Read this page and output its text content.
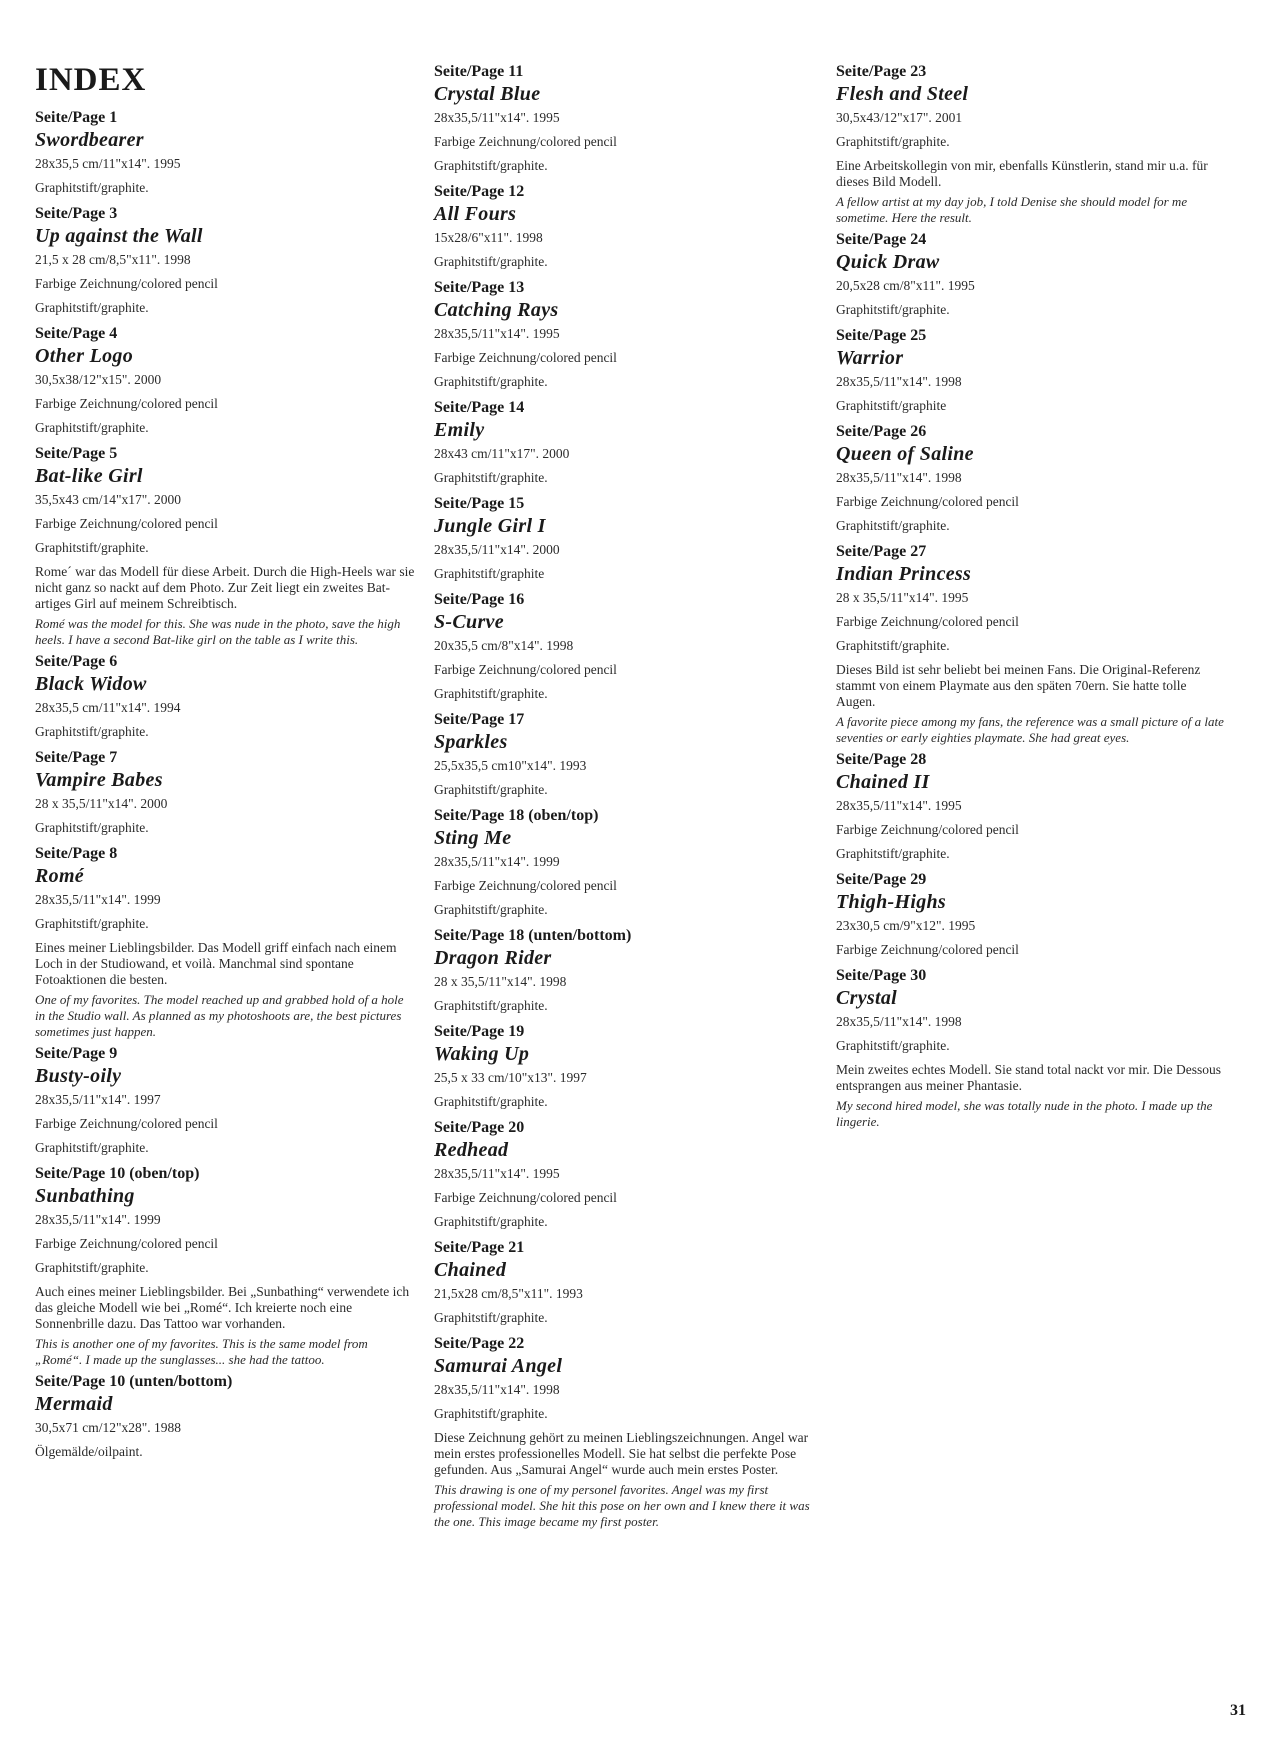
INDEX
Seite/Page 1
Swordbearer
28x35,5 cm/11"x14". 1995
Graphitstift/graphite.
Seite/Page 3
Up against the Wall
21,5 x 28 cm/8,5"x11". 1998
Farbige Zeichnung/colored pencil
Graphitstift/graphite.
Seite/Page 4
Other Logo
30,5x38/12"x15". 2000
Farbige Zeichnung/colored pencil
Graphitstift/graphite.
Seite/Page 5
Bat-like Girl
35,5x43 cm/14"x17". 2000
Farbige Zeichnung/colored pencil
Graphitstift/graphite.
Rome´ war das Modell für diese Arbeit. Durch die High-Heels war sie nicht ganz so nackt auf dem Photo. Zur Zeit liegt ein zweites Bat-artiges Girl auf meinem Schreibtisch.
Romé was the model for this. She was nude in the photo, save the high heels. I have a second Bat-like girl on the table as I write this.
Seite/Page 6
Black Widow
28x35,5 cm/11"x14". 1994
Graphitstift/graphite.
Seite/Page 7
Vampire Babes
28 x 35,5/11"x14". 2000
Graphitstift/graphite.
Seite/Page 8
Romé
28x35,5/11"x14". 1999
Graphitstift/graphite.
Eines meiner Lieblingsbilder. Das Modell griff einfach nach einem Loch in der Studiowand, et voilà. Manchmal sind spontane Fotoaktionen die besten.
One of my favorites. The model reached up and grabbed hold of a hole in the Studio wall. As planned as my photoshoots are, the best pictures sometimes just happen.
Seite/Page 9
Busty-oily
28x35,5/11"x14". 1997
Farbige Zeichnung/colored pencil
Graphitstift/graphite.
Seite/Page 10 (oben/top)
Sunbathing
28x35,5/11"x14". 1999
Farbige Zeichnung/colored pencil
Graphitstift/graphite.
Auch eines meiner Lieblingsbilder. Bei „Sunbathing“ verwendete ich das gleiche Modell wie bei „Romé“. Ich kreierte noch eine Sonnenbrille dazu. Das Tattoo war vorhanden.
This is another one of my favorites. This is the same model from „Romé“. I made up the sunglasses... she had the tattoo.
Seite/Page 10 (unten/bottom)
Mermaid
30,5x71 cm/12"x28". 1988
Ölgemälde/oilpaint.
Seite/Page 11
Crystal Blue
28x35,5/11"x14". 1995
Farbige Zeichnung/colored pencil
Graphitstift/graphite.
Seite/Page 12
All Fours
15x28/6"x11". 1998
Graphitstift/graphite.
Seite/Page 13
Catching Rays
28x35,5/11"x14". 1995
Farbige Zeichnung/colored pencil
Graphitstift/graphite.
Seite/Page 14
Emily
28x43 cm/11"x17". 2000
Graphitstift/graphite.
Seite/Page 15
Jungle Girl I
28x35,5/11"x14". 2000
Graphitstift/graphite
Seite/Page 16
S-Curve
20x35,5 cm/8"x14". 1998
Farbige Zeichnung/colored pencil
Graphitstift/graphite.
Seite/Page 17
Sparkles
25,5x35,5 cm10"x14". 1993
Graphitstift/graphite.
Seite/Page 18 (oben/top)
Sting Me
28x35,5/11"x14". 1999
Farbige Zeichnung/colored pencil
Graphitstift/graphite.
Seite/Page 18 (unten/bottom)
Dragon Rider
28 x 35,5/11"x14". 1998
Graphitstift/graphite.
Seite/Page 19
Waking Up
25,5 x 33 cm/10"x13". 1997
Graphitstift/graphite.
Seite/Page 20
Redhead
28x35,5/11"x14". 1995
Farbige Zeichnung/colored pencil
Graphitstift/graphite.
Seite/Page 21
Chained
21,5x28 cm/8,5"x11". 1993
Graphitstift/graphite.
Seite/Page 22
Samurai Angel
28x35,5/11"x14". 1998
Graphitstift/graphite.
Diese Zeichnung gehört zu meinen Lieblingszeichnungen. Angel war mein erstes professionelles Modell. Sie hat selbst die perfekte Pose gefunden. Aus „Samurai Angel“ wurde auch mein erstes Poster.
This drawing is one of my personel favorites. Angel was my first professional model. She hit this pose on her own and I knew there it was the one. This image became my first poster.
Seite/Page 23
Flesh and Steel
30,5x43/12"x17". 2001
Graphitstift/graphite.
Eine Arbeitskollegin von mir, ebenfalls Künstlerin, stand mir u.a. für dieses Bild Modell.
A fellow artist at my day job, I told Denise she should model for me sometime. Here the result.
Seite/Page 24
Quick Draw
20,5x28 cm/8"x11". 1995
Graphitstift/graphite.
Seite/Page 25
Warrior
28x35,5/11"x14". 1998
Graphitstift/graphite
Seite/Page 26
Queen of Saline
28x35,5/11"x14". 1998
Farbige Zeichnung/colored pencil
Graphitstift/graphite.
Seite/Page 27
Indian Princess
28 x 35,5/11"x14". 1995
Farbige Zeichnung/colored pencil
Graphitstift/graphite.
Dieses Bild ist sehr beliebt bei meinen Fans. Die Original-Referenz stammt von einem Playmate aus den späten 70ern. Sie hatte tolle Augen.
A favorite piece among my fans, the reference was a small picture of a late seventies or early eighties playmate. She had great eyes.
Seite/Page 28
Chained II
28x35,5/11"x14". 1995
Farbige Zeichnung/colored pencil
Graphitstift/graphite.
Seite/Page 29
Thigh-Highs
23x30,5 cm/9"x12". 1995
Farbige Zeichnung/colored pencil
Seite/Page 30
Crystal
28x35,5/11"x14". 1998
Graphitstift/graphite.
Mein zweites echtes Modell. Sie stand total nackt vor mir. Die Dessous entsprangen aus meiner Phantasie.
My second hired model, she was totally nude in the photo. I made up the lingerie.
31
